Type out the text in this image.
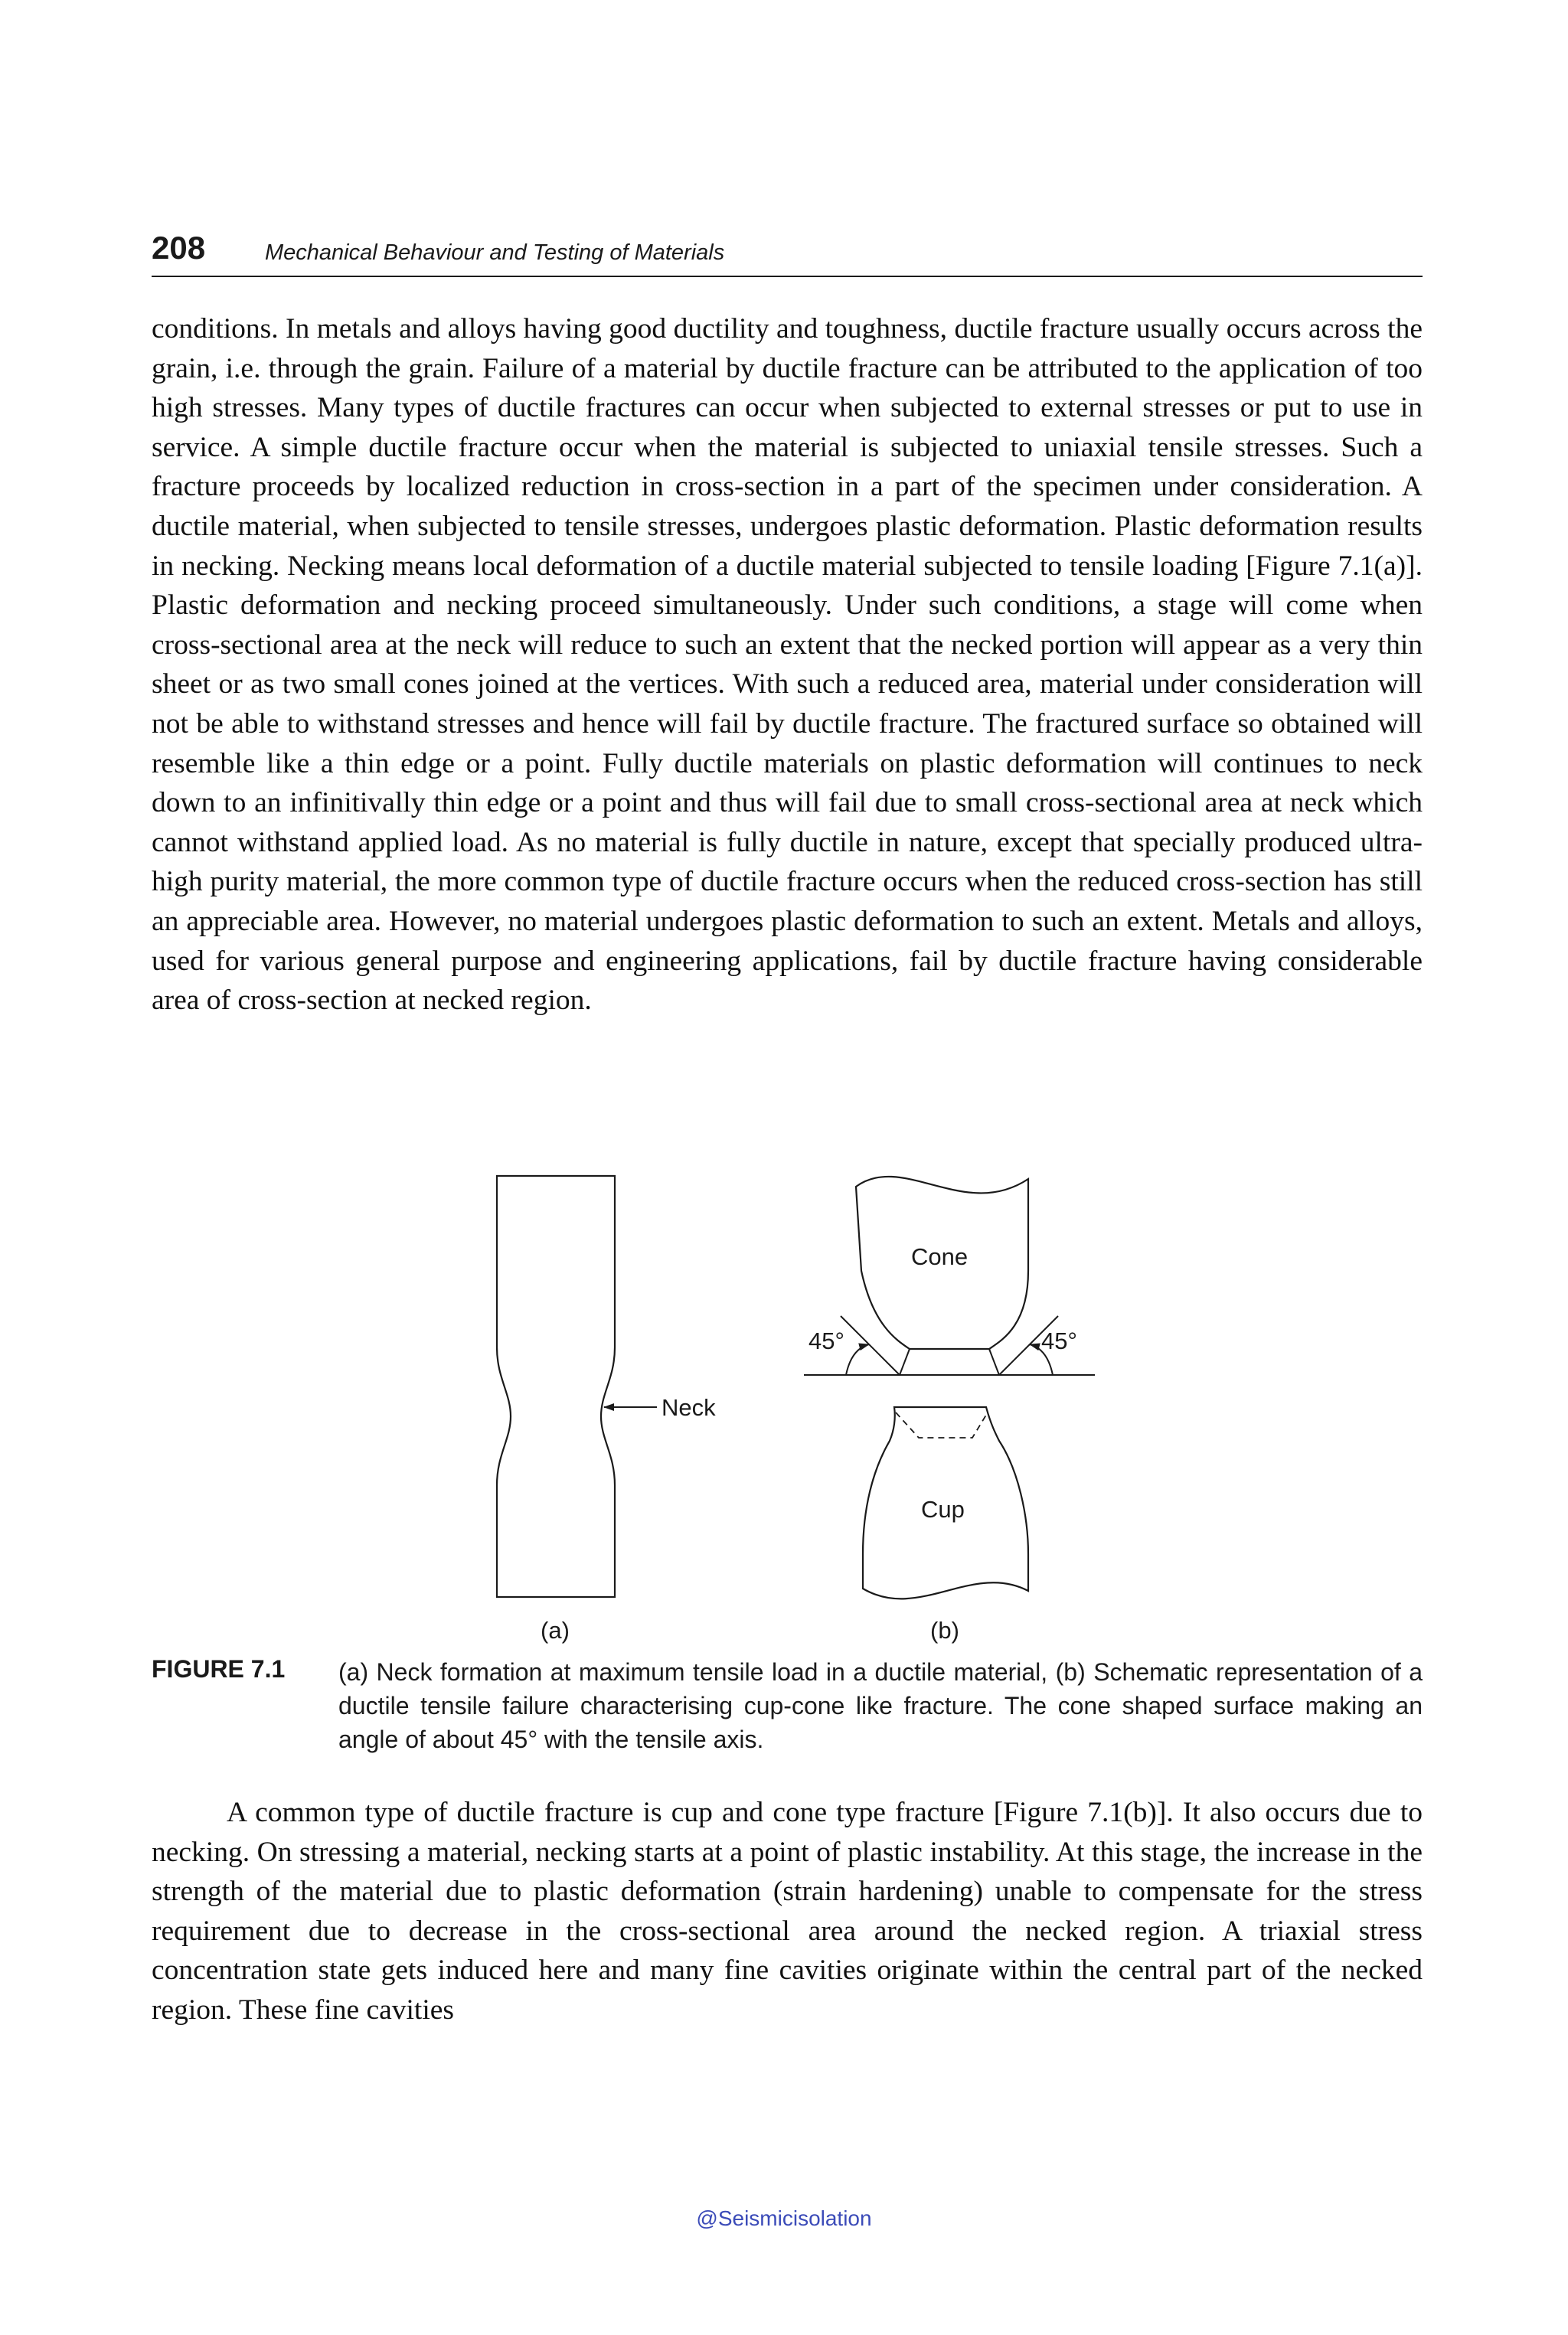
208	Mechanical Behaviour and Testing of Materials

conditions. In metals and alloys having good ductility and toughness, ductile fracture usually occurs across the grain, i.e. through the grain. Failure of a material by ductile fracture can be attributed to the application of too high stresses. Many types of ductile fractures can occur when subjected to external stresses or put to use in service. A simple ductile fracture occur when the material is subjected to uniaxial tensile stresses. Such a fracture proceeds by localized reduction in cross-section in a part of the specimen under consideration. A ductile material, when subjected to tensile stresses, undergoes plastic deformation. Plastic deformation results in necking. Necking means local deformation of a ductile material subjected to tensile loading [Figure 7.1(a)]. Plastic deformation and necking proceed simultaneously. Under such conditions, a stage will come when cross-sectional area at the neck will reduce to such an extent that the necked portion will appear as a very thin sheet or as two small cones joined at the vertices. With such a reduced area, material under consideration will not be able to withstand stresses and hence will fail by ductile fracture. The fractured surface so obtained will resemble like a thin edge or a point. Fully ductile materials on plastic deformation will continues to neck down to an infinitivally thin edge or a point and thus will fail due to small cross-sectional area at neck which cannot withstand applied load. As no material is fully ductile in nature, except that specially produced ultra-high purity material, the more common type of ductile fracture occurs when the reduced cross-section has still an appreciable area. However, no material undergoes plastic deformation to such an extent. Metals and alloys, used for various general purpose and engineering applications, fail by ductile fracture having considerable area of cross-section at necked region.

Neck
Cone
45°	45°
Cup
(a)	(b)
FIGURE 7.1 (a) Neck formation at maximum tensile load in a ductile material, (b) Schematic representation of a ductile tensile failure characterising cup-cone like fracture. The cone shaped surface making an angle of about 45° with the tensile axis.

A common type of ductile fracture is cup and cone type fracture [Figure 7.1(b)]. It also occurs due to necking. On stressing a material, necking starts at a point of plastic instability. At this stage, the increase in the strength of the material due to plastic deformation (strain hardening) unable to compensate for the stress requirement due to decrease in the cross-sectional area around the necked region. A triaxial stress concentration state gets induced here and many fine cavities originate within the central part of the necked region. These fine cavities

@Seismicisolation
